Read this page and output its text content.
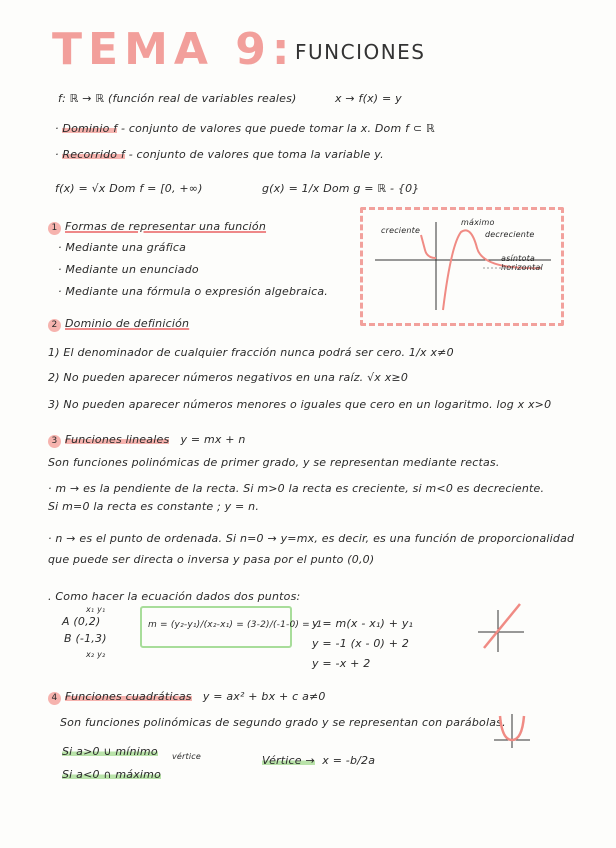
TEMA 9: FUNCIONES
f: ℝ → ℝ (función real de variables reales)	x → f(x) = y
· Dominio f - conjunto de valores que puede tomar la x. Dom f ⊂ ℝ
· Recorrido f - conjunto de valores que toma la variable y.
f(x) = √x Dom f = [0, +∞)	g(x) = 1/x Dom g = ℝ - {0}
1 Formas de representar una función
· Mediante una gráfica
· Mediante un enunciado
· Mediante una fórmula o expresión algebraica.
creciente
máximo
decreciente
asíntota horizontal
2 Dominio de definición
1) El denominador de cualquier fracción nunca podrá ser cero. 1/x x≠0
2) No pueden aparecer números negativos en una raíz. √x x≥0
3) No pueden aparecer números menores o iguales que cero en un logaritmo. log x x>0
3 Funciones lineales y = mx + n
Son funciones polinómicas de primer grado, y se representan mediante rectas.
· m → es la pendiente de la recta. Si m>0 la recta es creciente, si m<0 es decreciente.
Si m=0 la recta es constante ; y = n.
· n → es el punto de ordenada. Si n=0 → y=mx, es decir, es una función de proporcionalidad
que puede ser directa o inversa y pasa por el punto (0,0)
. Como hacer la ecuación dados dos puntos:
x₁ y₁
A (0,2)
B (-1,3)
x₂ y₂
m = (y₂-y₁)/(x₂-x₁) = (3-2)/(-1-0) = -1
y = m(x - x₁) + y₁
y = -1 (x - 0) + 2
y = -x + 2
4 Funciones cuadráticas y = ax² + bx + c a≠0
Son funciones polinómicas de segundo grado y se representan con parábolas.
Si a>0 ∪ mínimo vértice
Si a<0 ∩ máximo
Vértice → x = -b/2a
